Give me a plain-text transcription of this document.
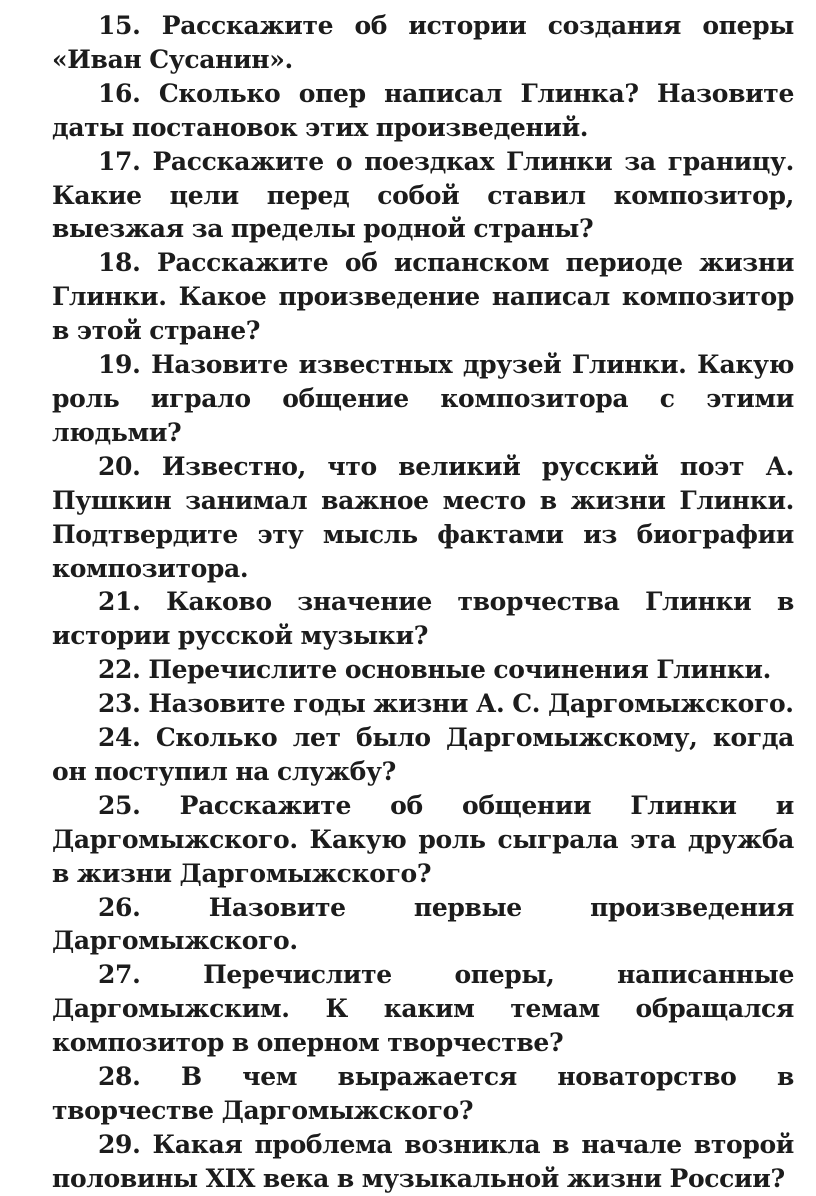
15. Расскажите об истории создания оперы «Иван Сусанин».

16. Сколько опер написал Глинка? Назовите даты постановок этих произведений.

17. Расскажите о поездках Глинки за границу. Какие цели перед собой ставил композитор, выезжая за пределы родной страны?

18. Расскажите об испанском периоде жизни Глинки. Какое произведение написал композитор в этой стране?

19. Назовите известных друзей Глинки. Какую роль играло общение композитора с этими людьми?

20. Известно, что великий русский поэт А. Пушкин занимал важное место в жизни Глинки. Подтвердите эту мысль фактами из биографии композитора.

21. Каково значение творчества Глинки в истории русской музыки?

22. Перечислите основные сочинения Глинки.

23. Назовите годы жизни А. С. Даргомыжского.

24. Сколько лет было Даргомыжскому, когда он поступил на службу?

25. Расскажите об общении Глинки и Даргомыжского. Какую роль сыграла эта дружба в жизни Даргомыжского?

26.	Назовите первые произведения Даргомыжского.

27.	Перечислите оперы, написанные Даргомыжским. К каким темам обращался композитор в оперном творчестве?

28. В чем выражается новаторство в творчестве Даргомыжского?

29. Какая проблема возникла в начале второй половины XIX века в музыкальной жизни России?
